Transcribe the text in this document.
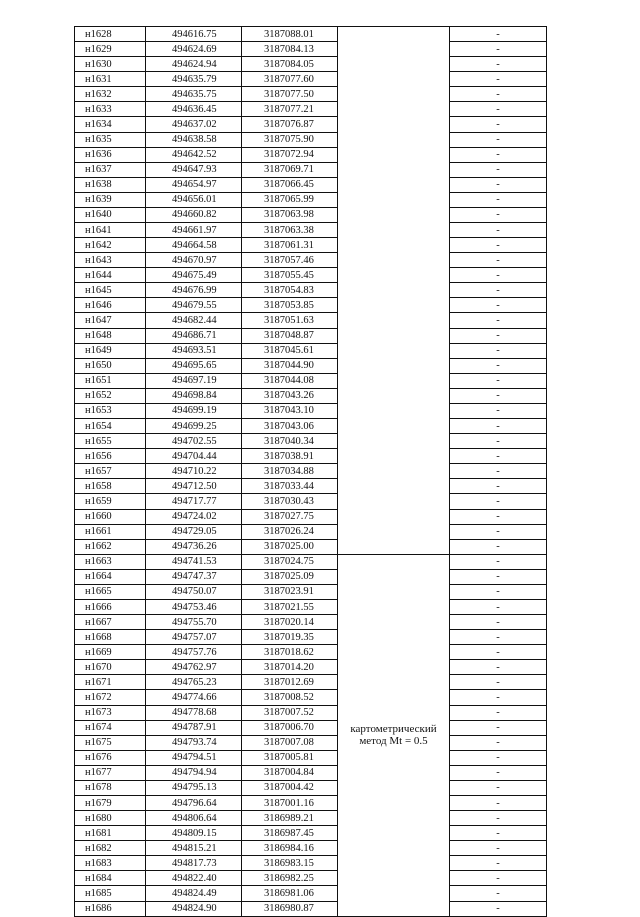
н1628	494616.75	3187088.01		-
н1629	494624.69	3187084.13		-
н1630	494624.94	3187084.05		-
н1631	494635.79	3187077.60		-
н1632	494635.75	3187077.50		-
н1633	494636.45	3187077.21		-
н1634	494637.02	3187076.87		-
н1635	494638.58	3187075.90		-
н1636	494642.52	3187072.94		-
н1637	494647.93	3187069.71		-
н1638	494654.97	3187066.45		-
н1639	494656.01	3187065.99		-
н1640	494660.82	3187063.98		-
н1641	494661.97	3187063.38		-
н1642	494664.58	3187061.31		-
н1643	494670.97	3187057.46		-
н1644	494675.49	3187055.45		-
н1645	494676.99	3187054.83		-
н1646	494679.55	3187053.85		-
н1647	494682.44	3187051.63		-
н1648	494686.71	3187048.87		-
н1649	494693.51	3187045.61		-
н1650	494695.65	3187044.90		-
н1651	494697.19	3187044.08		-
н1652	494698.84	3187043.26		-
н1653	494699.19	3187043.10		-
н1654	494699.25	3187043.06		-
н1655	494702.55	3187040.34		-
н1656	494704.44	3187038.91		-
н1657	494710.22	3187034.88		-
н1658	494712.50	3187033.44		-
н1659	494717.77	3187030.43		-
н1660	494724.02	3187027.75		-
н1661	494729.05	3187026.24		-
н1662	494736.26	3187025.00		-
н1663	494741.53	3187024.75	картометрический метод Mt = 0.5	-
н1664	494747.37	3187025.09		-
н1665	494750.07	3187023.91		-
н1666	494753.46	3187021.55		-
н1667	494755.70	3187020.14		-
н1668	494757.07	3187019.35		-
н1669	494757.76	3187018.62		-
н1670	494762.97	3187014.20		-
н1671	494765.23	3187012.69		-
н1672	494774.66	3187008.52		-
н1673	494778.68	3187007.52		-
н1674	494787.91	3187006.70		-
н1675	494793.74	3187007.08		-
н1676	494794.51	3187005.81		-
н1677	494794.94	3187004.84		-
н1678	494795.13	3187004.42		-
н1679	494796.64	3187001.16		-
н1680	494806.64	3186989.21		-
н1681	494809.15	3186987.45		-
н1682	494815.21	3186984.16		-
н1683	494817.73	3186983.15		-
н1684	494822.40	3186982.25		-
н1685	494824.49	3186981.06		-
н1686	494824.90	3186980.87		-
